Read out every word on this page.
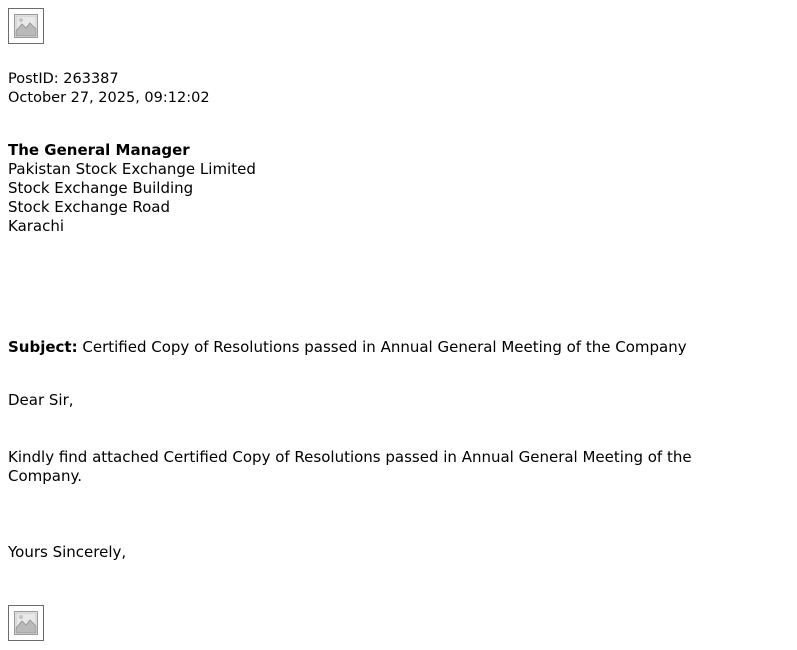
PostID: 263387
October 27, 2025, 09:12:02
The General Manager
Pakistan Stock Exchange Limited
Stock Exchange Building
Stock Exchange Road
Karachi
Subject: Certified Copy of Resolutions passed in Annual General Meeting of the Company
Dear Sir,
Kindly find attached Certified Copy of Resolutions passed in Annual General Meeting of the Company.
Yours Sincerely,
